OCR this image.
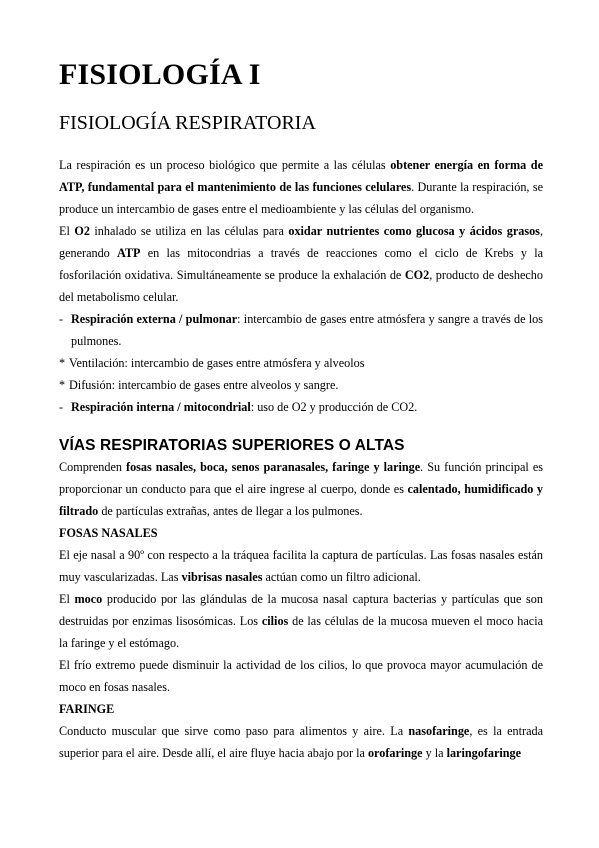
FISIOLOGÍA I
FISIOLOGÍA RESPIRATORIA

La respiración es un proceso biológico que permite a las células obtener energía en forma de ATP, fundamental para el mantenimiento de las funciones celulares. Durante la respiración, se produce un intercambio de gases entre el medioambiente y las células del organismo.

El O2 inhalado se utiliza en las células para oxidar nutrientes como glucosa y ácidos grasos, generando ATP en las mitocondrias a través de reacciones como el ciclo de Krebs y la fosforilación oxidativa. Simultáneamente se produce la exhalación de CO2, producto de deshecho del metabolismo celular.

- Respiración externa / pulmonar: intercambio de gases entre atmósfera y sangre a través de los pulmones.
* Ventilación: intercambio de gases entre atmósfera y alveolos
* Difusión: intercambio de gases entre alveolos y sangre.
- Respiración interna / mitocondrial: uso de O2 y producción de CO2.
VÍAS RESPIRATORIAS SUPERIORES O ALTAS

Comprenden fosas nasales, boca, senos paranasales, faringe y laringe. Su función principal es proporcionar un conducto para que el aire ingrese al cuerpo, donde es calentado, humidificado y filtrado de partículas extrañas, antes de llegar a los pulmones.

FOSAS NASALES

El eje nasal a 90º con respecto a la tráquea facilita la captura de partículas. Las fosas nasales están muy vascularizadas. Las vibrisas nasales actúan como un filtro adicional.

El moco producido por las glándulas de la mucosa nasal captura bacterias y partículas que son destruidas por enzimas lisosómicas. Los cilios de las células de la mucosa mueven el moco hacia la faringe y el estómago.

El frío extremo puede disminuir la actividad de los cilios, lo que provoca mayor acumulación de moco en fosas nasales.

FARINGE

Conducto muscular que sirve como paso para alimentos y aire. La nasofaringe, es la entrada superior para el aire. Desde allí, el aire fluye hacia abajo por la orofaringe y la laringofaringe
